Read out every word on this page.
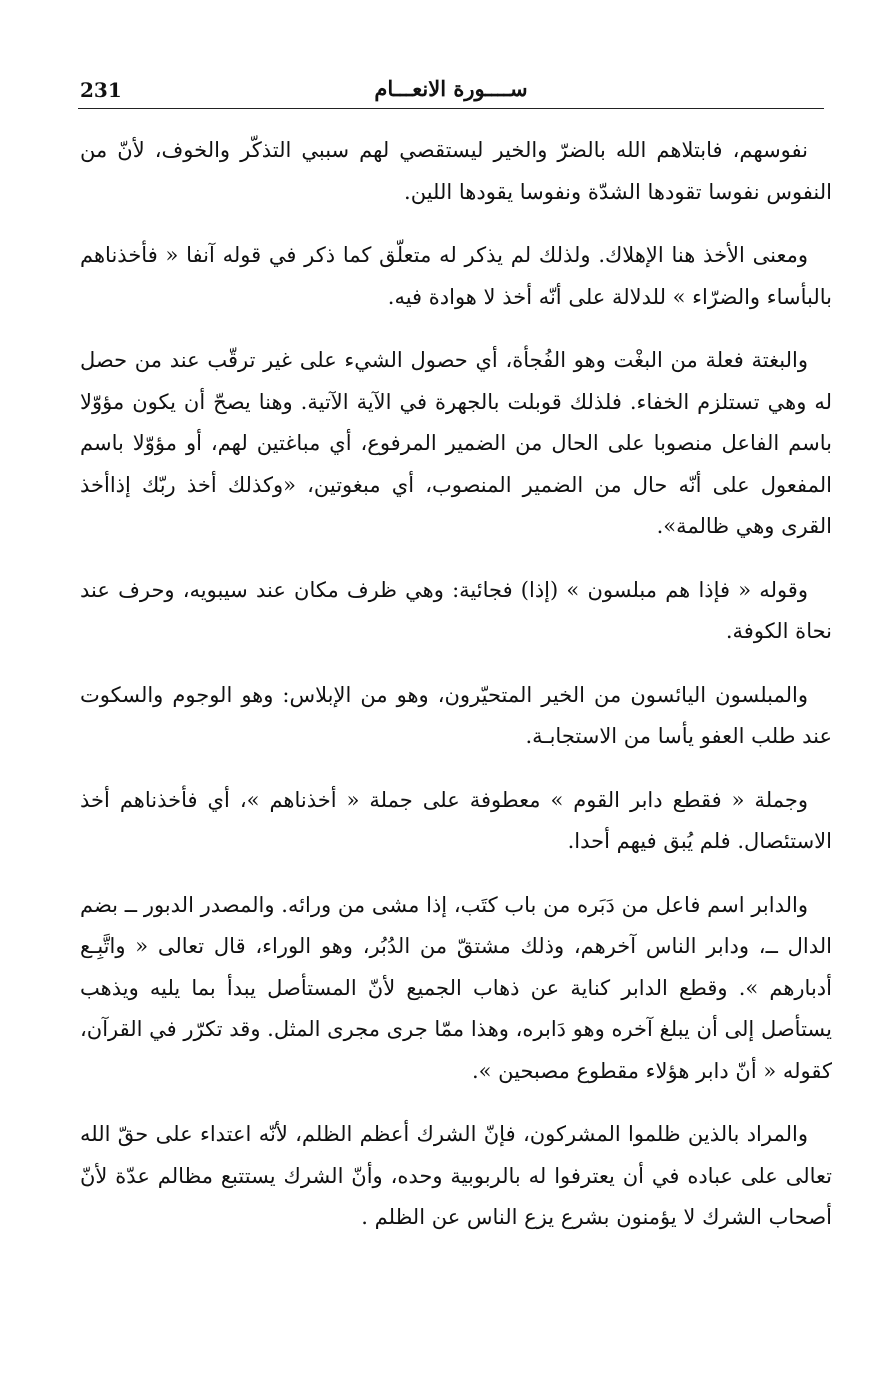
231	ســــورة الانعـــام

نفوسهم، فابتلاهم الله بالضرّ والخير ليستقصي لهم سببي التذكّر والخوف، لأنّ من النفوس نفوسا تقودها الشدّة ونفوسا يقودها اللين.

ومعنى الأخذ هنا الإهلاك. ولذلك لم يذكر له متعلّق كما ذكر في قوله آنفا « فأخذناهم بالبأساء والضرّاء » للدلالة على أنّه أخذ لا هوادة فيه.

والبغتة فعلة من البغْت وهو الفُجأة، أي حصول الشيء على غير ترقّب عند من حصل له وهي تستلزم الخفاء. فلذلك قوبلت بالجهرة في الآية الآتية. وهنا يصحّ أن يكون مؤوّلا باسم الفاعل منصوبا على الحال من الضمير المرفوع، أي مباغتين لهم، أو مؤوّلا باسم المفعول على أنّه حال من الضمير المنصوب، أي مبغوتين، «وكذلك أخذ ربّك إذاأخذ القرى وهي ظالمة».

وقوله « فإذا هم مبلسون » (إذا) فجائية: وهي ظرف مكان عند سيبويه، وحرف عند نحاة الكوفة.

والمبلسون اليائسون من الخير المتحيّرون، وهو من الإبلاس: وهو الوجوم والسكوت عند طلب العفو يأسا من الاستجابـة.

وجملة « فقطع دابر القوم » معطوفة على جملة « أخذناهم »، أي فأخذناهم أخذ الاستئصال. فلم يُبق فيهم أحدا.

والدابر اسم فاعل من دَبَره من باب كتَب، إذا مشى من ورائه. والمصدر الدبور ــ بضم الدال ــ، ودابر الناس آخرهم، وذلك مشتقّ من الدُبُر، وهو الوراء، قال تعالى « واتَّبِـع أدبارهم ». وقطع الدابر كناية عن ذهاب الجميع لأنّ المستأصل يبدأ بما يليه ويذهب يستأصل إلى أن يبلغ آخره وهو دَابره، وهذا ممّا جرى مجرى المثل. وقد تكرّر في القرآن، كقوله « أنّ دابر هؤلاء مقطوع مصبحين ».

والمراد بالذين ظلموا المشركون، فإنّ الشرك أعظم الظلم، لأنّه اعتداء على حقّ الله تعالى على عباده في أن يعترفوا له بالربوبية وحده، وأنّ الشرك يستتبع مظالم عدّة لأنّ أصحاب الشرك لا يؤمنون بشرع يزع الناس عن الظلم .
